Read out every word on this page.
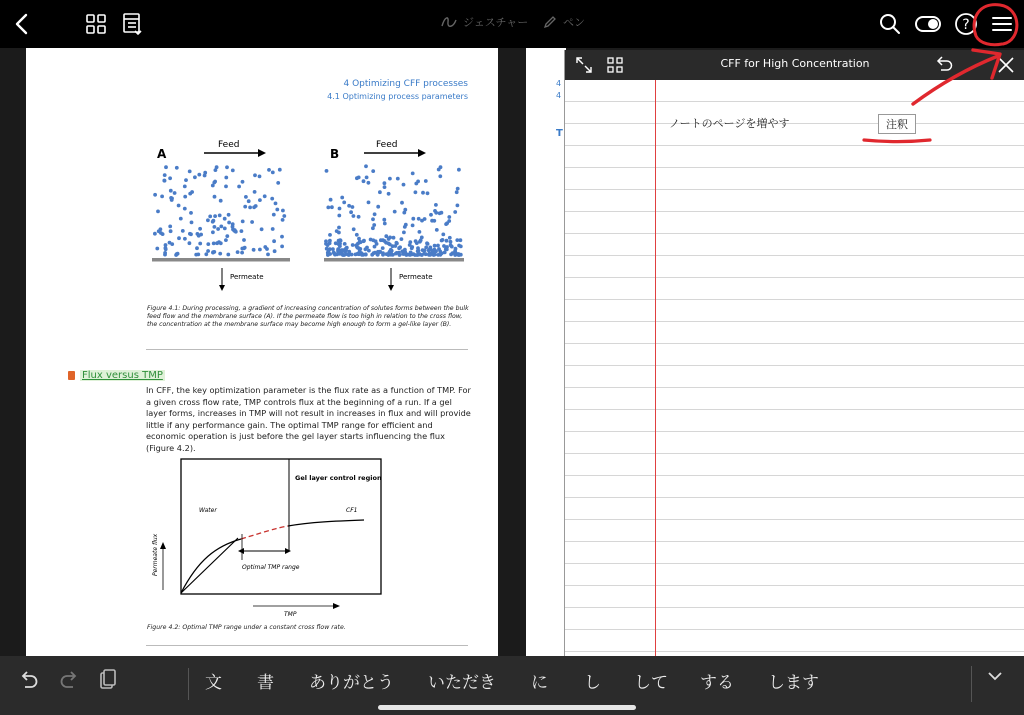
ジェスチャー	ペン	?
4 Optimizing CFF processes
4.1 Optimizing process parameters
A	B
Feed	Feed
Permeate	Permeate
Figure 4.1: During processing, a gradient of increasing concentration of solutes forms between the bulk feed flow and the membrane surface (A). If the permeate flow is too high in relation to the cross flow, the concentration at the membrane surface may become high enough to form a gel-like layer (B).
Flux versus TMP
In CFF, the key optimization parameter is the flux rate as a function of TMP. For a given cross flow rate, TMP controls flux at the beginning of a run. If a gel layer forms, increases in TMP will not result in increases in flux and will provide little if any performance gain. The optimal TMP range for efficient and economic operation is just before the gel layer starts influencing the flux (Figure 4.2).
Gel layer control region
Water	CF1
Optimal TMP range
Permeate flux
TMP
Figure 4.2: Optimal TMP range under a constant cross flow rate.
4
4
T
CFF for High Concentration
ノートのページを増やす	注釈
文 書 ありがとう いただき に し して する します
